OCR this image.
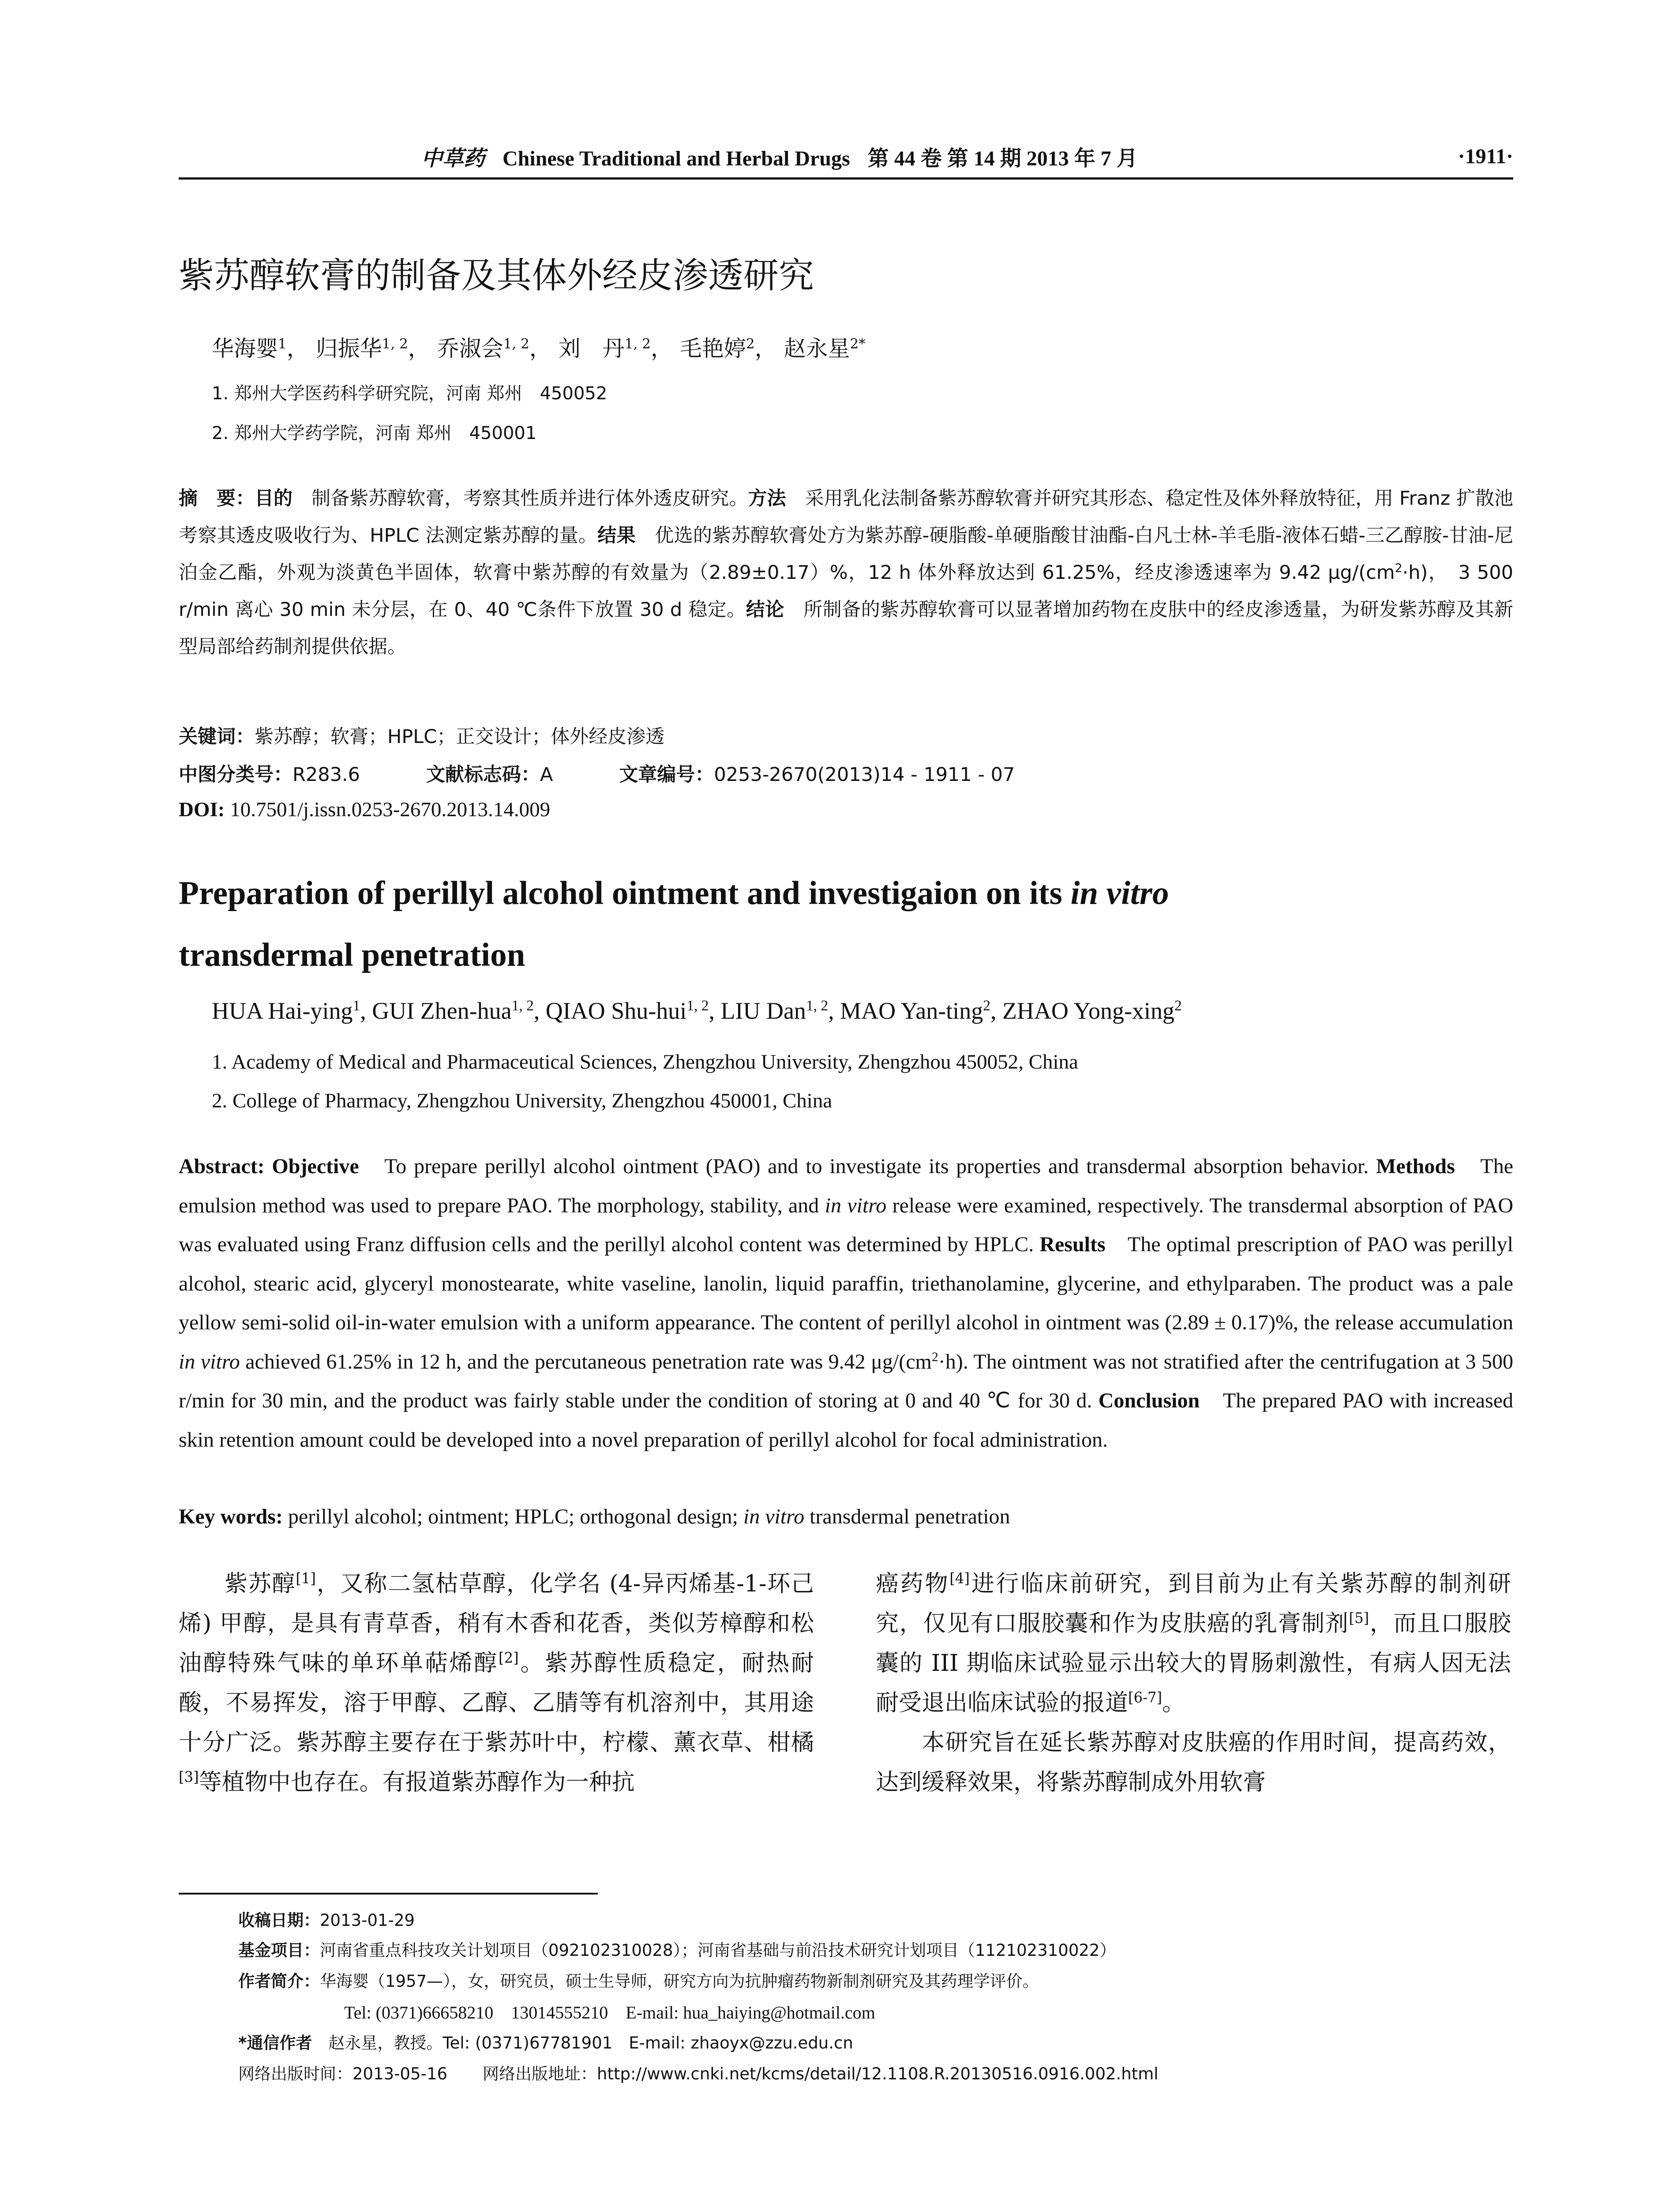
中草药 Chinese Traditional and Herbal Drugs 第 44 卷 第 14 期 2013 年 7 月	·1911·
紫苏醇软膏的制备及其体外经皮渗透研究
华海婴$^1$， 归振华$^{1, 2}$， 乔淑会$^{1, 2}$， 刘　丹$^{1, 2}$， 毛艳婷$^2$， 赵永星$^{2*}$
1. 郑州大学医药科学研究院，河南 郑州　450052
2. 郑州大学药学院，河南 郑州　450001
摘　要：目的　制备紫苏醇软膏，考察其性质并进行体外透皮研究。方法　采用乳化法制备紫苏醇软膏并研究其形态、稳定性及体外释放特征，用 Franz 扩散池考察其透皮吸收行为、HPLC 法测定紫苏醇的量。结果　优选的紫苏醇软膏处方为紫苏醇-硬脂酸-单硬脂酸甘油酯-白凡士林-羊毛脂-液体石蜡-三乙醇胺-甘油-尼泊金乙酯，外观为淡黄色半固体，软膏中紫苏醇的有效量为（2.89±0.17）%，12 h 体外释放达到 61.25%，经皮渗透速率为 9.42 $\mu g/(cm^2\cdot h)$，　3 500 r/min 离心 30 min 未分层，在 0、40 ℃条件下放置 30 d 稳定。结论　所制备的紫苏醇软膏可以显著增加药物在皮肤中的经皮渗透量，为研发紫苏醇及其新型局部给药制剂提供依据。
关键词：紫苏醇；软膏；HPLC；正交设计；体外经皮渗透
中图分类号：R283.6	文献标志码：A	文章编号：0253-2670(2013)14 - 1911 - 07
DOI: 10.7501/j.issn.0253-2670.2013.14.009
Preparation of perillyl alcohol ointment and investigaion on its in vitro
transdermal penetration
HUA Hai-ying$^1$, GUI Zhen-hua$^{1, 2}$, QIAO Shu-hui$^{1, 2}$, LIU Dan$^{1, 2}$, MAO Yan-ting$^2$, ZHAO Yong-xing$^2$
1. Academy of Medical and Pharmaceutical Sciences, Zhengzhou University, Zhengzhou 450052, China
2. College of Pharmacy, Zhengzhou University, Zhengzhou 450001, China
Abstract: Objective　To prepare perillyl alcohol ointment (PAO) and to investigate its properties and transdermal absorption behavior. Methods　The emulsion method was used to prepare PAO. The morphology, stability, and in vitro release were examined, respectively. The transdermal absorption of PAO was evaluated using Franz diffusion cells and the perillyl alcohol content was determined by HPLC. Results　The optimal prescription of PAO was perillyl alcohol, stearic acid, glyceryl monostearate, white vaseline, lanolin, liquid paraffin, triethanolamine, glycerine, and ethylparaben. The product was a pale yellow semi-solid oil-in-water emulsion with a uniform appearance. The content of perillyl alcohol in ointment was (2.89 ± 0.17)%, the release accumulation in vitro achieved 61.25% in 12 h, and the percutaneous penetration rate was 9.42 $\mu g/(cm^2\cdot h)$. The ointment was not stratified after the centrifugation at 3 500 r/min for 30 min, and the product was fairly stable under the condition of storing at 0 and 40 ℃ for 30 d. Conclusion　The prepared PAO with increased skin retention amount could be developed into a novel preparation of perillyl alcohol for focal administration.
Key words: perillyl alcohol; ointment; HPLC; orthogonal design; in vitro transdermal penetration

紫苏醇[1]，又称二氢枯草醇，化学名 (4-异丙烯基-1-环己烯) 甲醇，是具有青草香，稍有木香和花香，类似芳樟醇和松油醇特殊气味的单环单萜烯醇[2]。紫苏醇性质稳定，耐热耐酸，不易挥发，溶于甲醇、乙醇、乙腈等有机溶剂中，其用途十分广泛。紫苏醇主要存在于紫苏叶中，柠檬、薰衣草、柑橘[3]等植物中也存在。有报道紫苏醇作为一种抗

癌药物[4]进行临床前研究，到目前为止有关紫苏醇的制剂研究，仅见有口服胶囊和作为皮肤癌的乳膏制剂[5]，而且口服胶囊的 III 期临床试验显示出较大的胃肠刺激性，有病人因无法耐受退出临床试验的报道[6-7]。

本研究旨在延长紫苏醇对皮肤癌的作用时间，提高药效，达到缓释效果，将紫苏醇制成外用软膏

收稿日期：2013-01-29
基金项目：河南省重点科技攻关计划项目（092102310028）；河南省基础与前沿技术研究计划项目（112102310022）
作者简介：华海婴（1957—），女，研究员，硕士生导师，研究方向为抗肿瘤药物新制剂研究及其药理学评价。
Tel: (0371)66658210　13014555210　E-mail: hua_haiying@hotmail.com
*通信作者　赵永星，教授。Tel: (0371)67781901　E-mail: zhaoyx@zzu.edu.cn
网络出版时间：2013-05-16 网络出版地址：http://www.cnki.net/kcms/detail/12.1108.R.20130516.0916.002.html
